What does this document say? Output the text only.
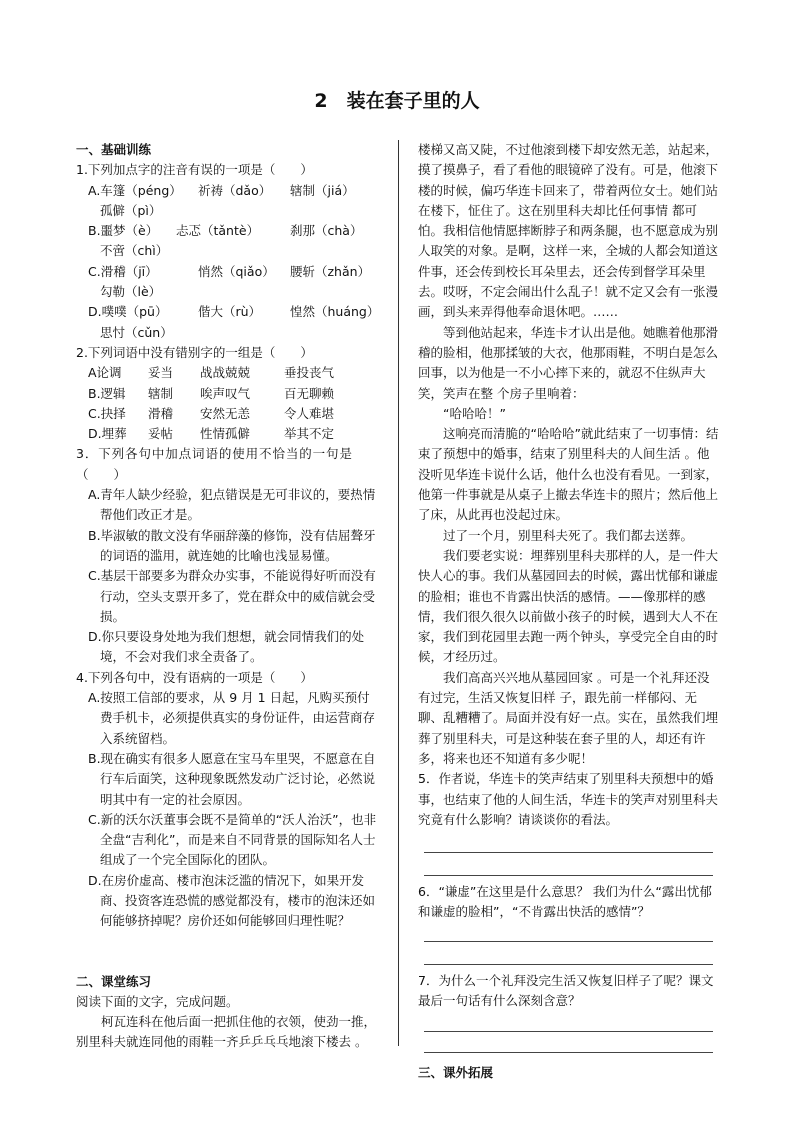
2　装在套子里的人

一、基础训练

1.下列加点字的注音有误的一项是（　　）

A.车篷（péng）	祈祷（dǎo）	辖制（jiá）

孤僻（pì）

B.噩梦（è）	忐忑（tǎntè）	刹那（chà）

不啻（chì）

C.滑稽（jī）	悄然（qiǎo）	腰斩（zhǎn）

勾勒（lè）

D.噗噗（pū）	偕大（rù）	惶然（huáng）

思忖（cǔn）

2.下列词语中没有错别字的一组是（　　）

A论调	妥当	战战兢兢	垂投丧气
B.逻辑	辖制	唉声叹气	百无聊赖
C.抉择	滑稽	安然无恙	令人难堪
D.埋葬	妥帖	性情孤僻	举其不定

3．下列各句中加点词语的使用不恰当的一句是

（　　）

A.青年人缺少经验，犯点错误是无可非议的，要热情帮他们改正才是。

B.毕淑敏的散文没有华丽辞藻的修饰，没有佶屈聱牙的词语的滥用，就连她的比喻也浅显易懂。

C.基层干部要多为群众办实事，不能说得好听而没有行动，空头支票开多了，党在群众中的威信就会受损。

D.你只要设身处地为我们想想，就会同情我们的处境，不会对我们求全责备了。

4.下列各句中，没有语病的一项是（　　）

A.按照工信部的要求，从 9 月 1 日起，凡购买预付费手机卡，必须提供真实的身份证件，由运营商存入系统留档。

B.现在确实有很多人愿意在宝马车里哭，不愿意在自行车后面笑，这种现象既然发动广泛讨论，必然说明其中有一定的社会原因。

C.新的沃尔沃董事会既不是简单的“沃人治沃”，也非全盘“吉利化”，而是来自不同背景的国际知名人士组成了一个完全国际化的团队。

D.在房价虚高、楼市泡沫泛滥的情况下，如果开发商、投资客连恐慌的感觉都没有，楼市的泡沫还如何能够挤掉呢？房价还如何能够回归理性呢？

二、课堂练习

阅读下面的文字，完成问题。

柯瓦连科在他后面一把抓住他的衣领，使劲一推，别里科夫就连同他的雨鞋一齐乒乒乓乓地滚下楼去 。

楼梯又高又陡，不过他滚到楼下却安然无恙，站起来，摸了摸鼻子，看了看他的眼镜碎了没有。可是，他滚下楼的时候，偏巧华连卡回来了，带着两位女士。她们站在楼下，怔住了。这在别里科夫却比任何事情 都可怕。我相信他情愿摔断脖子和两条腿，也不愿意成为别人取笑的对象。是啊，这样一来，全城的人都会知道这件事，还会传到校长耳朵里去，还会传到督学耳朵里去。哎呀，不定会闹出什么乱子！就不定又会有一张漫画，到头来弄得他奉命退休吧。……

等到他站起来，华连卡才认出是他。她瞧着他那滑稽的脸相，他那揉皱的大衣，他那雨鞋，不明白是怎么回事，以为他是一不小心摔下来的，就忍不住纵声大笑，笑声在整 个房子里响着：

“哈哈哈！”

这响亮而清脆的“哈哈哈”就此结束了一切事情：结束了预想中的婚事，结束了别里科夫的人间生活 。他没听见华连卡说什么话，他什么也没有看见。一到家，他第一件事就是从桌子上撤去华连卡的照片；然后他上了床，从此再也没起过床。

过了一个月，别里科夫死了。我们都去送葬。

我们要老实说：埋葬别里科夫那样的人，是一件大快人心的事。我们从墓园回去的时候，露出忧郁和谦虚的脸相；谁也不肯露出快活的感情。——像那样的感情，我们很久很久以前做小孩子的时候，遇到大人不在家，我们到花园里去跑一两个钟头，享受完全自由的时候，才经历过。

我们高高兴兴地从墓园回家 。可是一个礼拜还没有过完，生活又恢复旧样 子，跟先前一样郁闷、无聊、乱糟糟了。局面并没有好一点。实在，虽然我们埋葬了别里科夫，可是这种装在套子里的人，却还有许多，将来也还不知道有多少呢！

5．作者说，华连卡的笑声结束了别里科夫预想中的婚事，也结束了他的人间生活，华连卡的笑声对别里科夫究竟有什么影响？请谈谈你的看法。

6．“谦虚”在这里是什么意思？ 我们为什么“露出忧郁和谦虚的脸相”，“不肯露出快活的感情”？

7．为什么一个礼拜没完生活又恢复旧样子了呢？课文最后一句话有什么深刻含意？

三、课外拓展
